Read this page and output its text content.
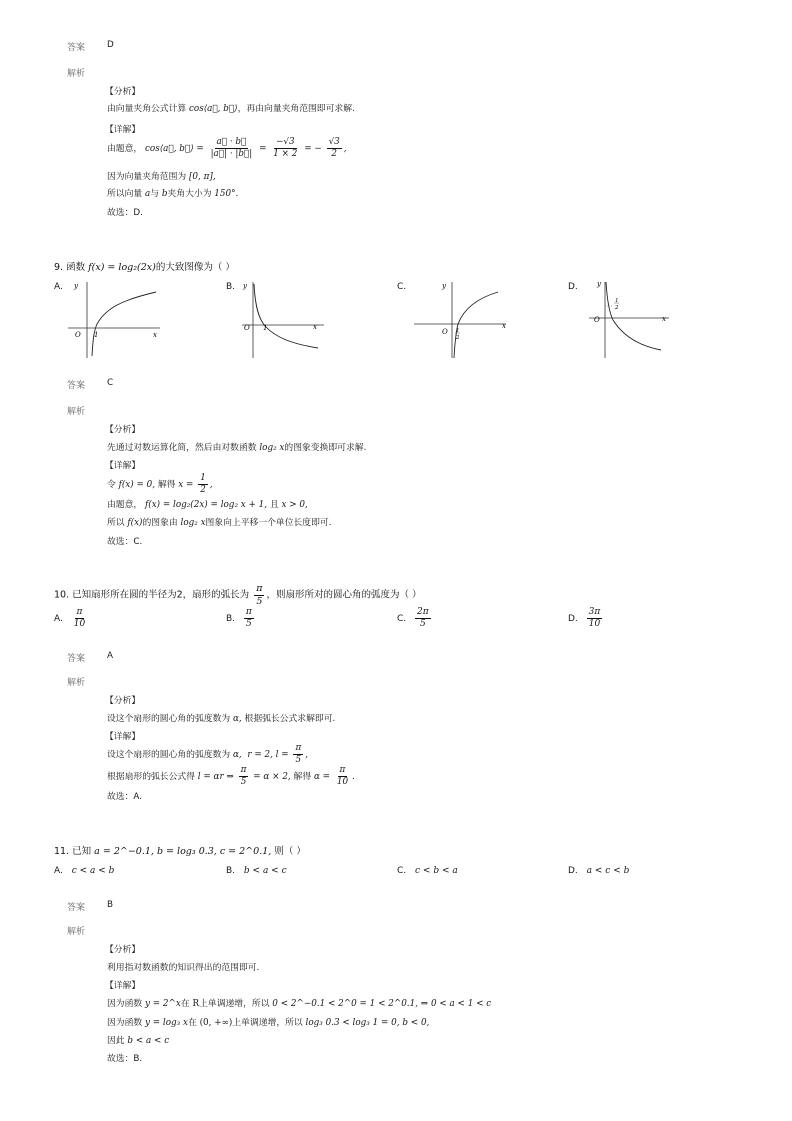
答案 D
解析
【分析】
由向量夹角公式计算 cos⟨a⃗, b⃗⟩，再由向量夹角范围即可求解.
【详解】
由题意， cos⟨a⃗, b⃗⟩ = $\frac{a⃗ \cdot b⃗}{|a⃗| \cdot |b⃗|} = \frac{-√3}{1 \times 2}$ = − $\frac{√3}{2}$ ,
因为向量夹角范围为 [0, π],
所以向量 a与 b夹角大小为 150°.
故选：D.
9. 函数 f(x) = log₂(2x)的大致图像为（ ）
A.	B.	C.	D.
y
x
O 1
y
x
O 1
y
x
O 1
2
y
x
O
1
2
答案 C
解析
【分析】
先通过对数运算化简，然后由对数函数 log₂ x的图象变换即可求解.
【详解】
令 f(x) = 0, 解得 $x = \frac{1}{2}$ ,
由题意， f(x) = log₂(2x) = log₂ x + 1, 且 x > 0,
所以 f(x)的图象由 log₂ x图象向上平移一个单位长度即可.
故选：C.
10. 已知扇形所在圆的半径为2，扇形的弧长为 $\frac{\pi}{5}$ ，则扇形所对的圆心角的弧度为（ ）
A. $\frac{\pi}{10}$	B. $\frac{\pi}{5}$	C. $\frac{2\pi}{5}$	D. $\frac{3\pi}{10}$
答案 A
解析
【分析】
设这个扇形的圆心角的弧度数为 α, 根据弧长公式求解即可.
【详解】
设这个扇形的圆心角的弧度数为 α, r = 2, $l = \frac{\pi}{5}$ ,
根据扇形的弧长公式得 l = αr ⇒ $\frac{\pi}{5} = \alpha \times 2$, 解得 $\alpha = \frac{\pi}{10}$ .
故选：A.
11. 已知 a = 2^−0.1, b = log₃ 0.3, c = 2^0.1, 则（ ）
A. c < a < b	B. b < a < c	C. c < b < a	D. a < c < b
答案 B
解析
【分析】
利用指对数函数的知识得出的范围即可.
【详解】
因为函数 y = 2^x在 R上单调递增，所以 0 < 2^−0.1 < 2^0 = 1 < 2^0.1, ⇒ 0 < a < 1 < c
因为函数 y = log₃ x在 (0, +∞)上单调递增，所以 log₃ 0.3 < log₃ 1 = 0, b < 0,
因此 b < a < c
故选：B.
